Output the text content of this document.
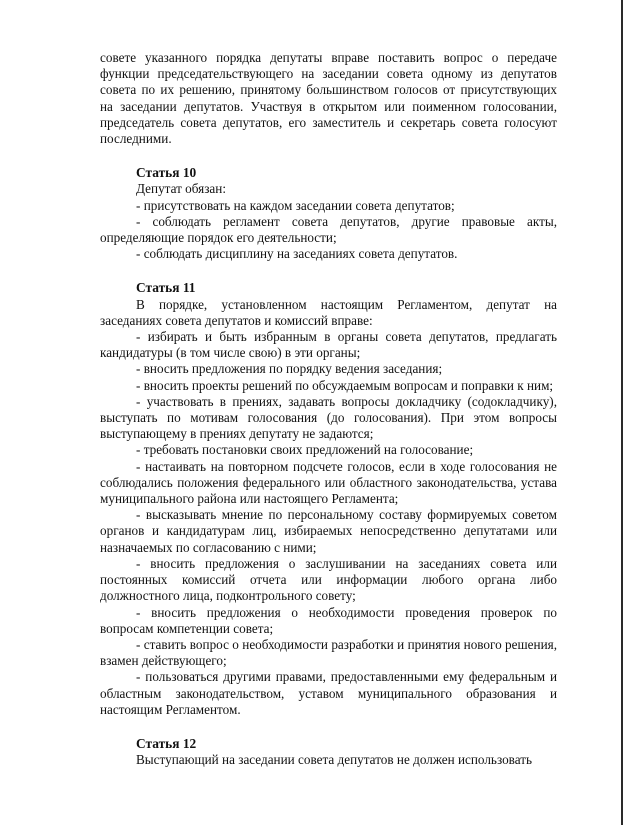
совете указанного порядка депутаты вправе поставить вопрос о передаче функции председательствующего на заседании совета одному из депутатов совета по их решению, принятому большинством голосов от присутствующих на заседании депутатов. Участвуя в открытом или поименном голосовании, председатель совета депутатов, его заместитель и секретарь совета голосуют последними.

Статья 10

Депутат обязан:

- присутствовать на каждом заседании совета депутатов;

- соблюдать регламент совета депутатов, другие правовые акты, определяющие порядок его деятельности;

- соблюдать дисциплину на заседаниях совета депутатов.

Статья 11

В порядке, установленном настоящим Регламентом, депутат на заседаниях совета депутатов и комиссий вправе:

- избирать и быть избранным в органы совета депутатов, предлагать кандидатуры (в том числе свою) в эти органы;

- вносить предложения по порядку ведения заседания;

- вносить проекты решений по обсуждаемым вопросам и поправки к ним;

- участвовать в прениях, задавать вопросы докладчику (содокладчику), выступать по мотивам голосования (до голосования). При этом вопросы выступающему в прениях депутату не задаются;

- требовать постановки своих предложений на голосование;

- настаивать на повторном подсчете голосов, если в ходе голосования не соблюдались положения федерального или областного законодательства, устава муниципального района или настоящего Регламента;

- высказывать мнение по персональному составу формируемых советом органов и кандидатурам лиц, избираемых непосредственно депутатами или назначаемых по согласованию с ними;

- вносить предложения о заслушивании на заседаниях совета или постоянных комиссий отчета или информации любого органа либо должностного лица, подконтрольного совету;

- вносить предложения о необходимости проведения проверок по вопросам компетенции совета;

- ставить вопрос о необходимости разработки и принятия нового решения, взамен действующего;

- пользоваться другими правами, предоставленными ему федеральным и областным законодательством, уставом муниципального образования и настоящим Регламентом.

Статья 12

Выступающий на заседании совета депутатов не должен использовать
